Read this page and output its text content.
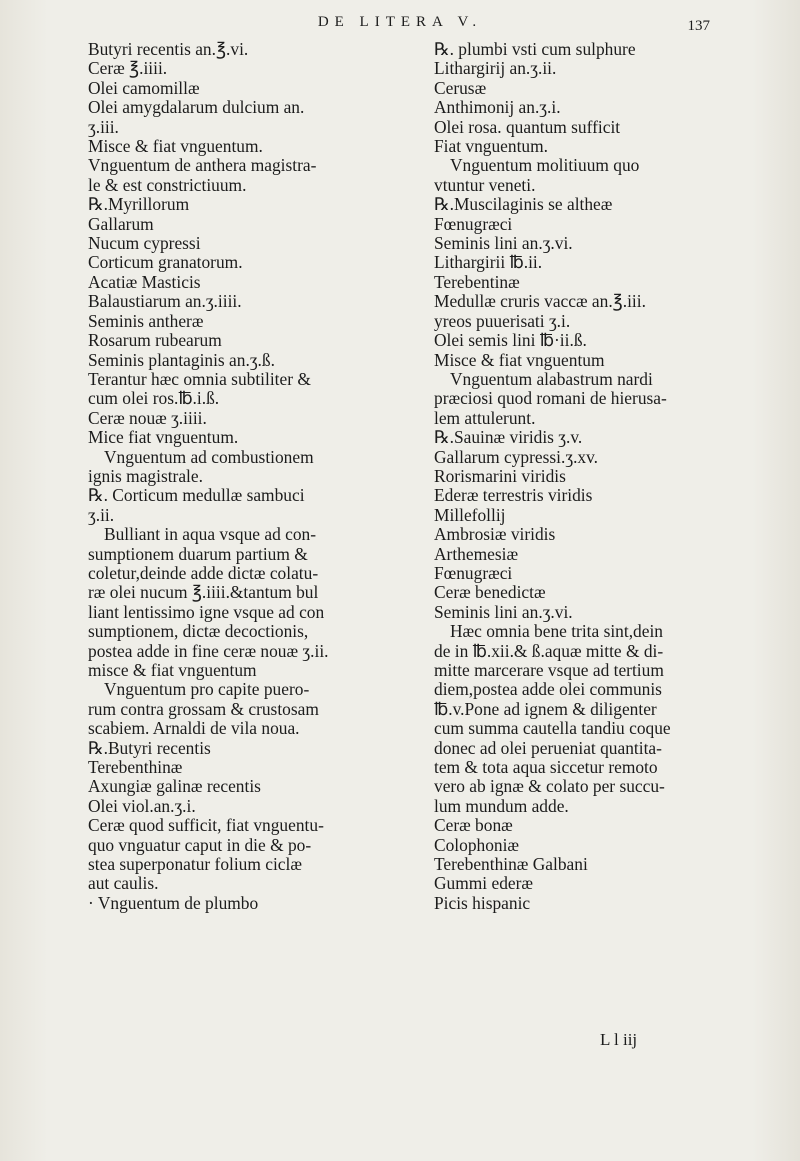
DE LITERA V.	137
Butyri recentis an.℥.vi.
Ceræ ℥.iiii.
Olei camomillæ
Olei amygdalarum dulcium an.
ʒ.iii.
Misce & fiat vnguentum.
Vnguentum de anthera magistra-
le & est constrictiuum.
℞.Myrillorum
Gallarum
Nucum cypressi
Corticum granatorum.
Acatiæ Masticis
Balaustiarum an.ʒ.iiii.
Seminis antheræ
Rosarum rubearum
Seminis plantaginis an.ʒ.ß.
Terantur hæc omnia subtiliter &
cum olei ros.℔.i.ß.
Ceræ nouæ ʒ.iiii.
Mice fiat vnguentum.
Vnguentum ad combustionem
ignis magistrale.
℞. Corticum medullæ sambuci
ʒ.ii.
Bulliant in aqua vsque ad con-
sumptionem duarum partium &
coletur,deinde adde dictæ colatu-
ræ olei nucum ℥.iiii.&tantum bul
liant lentissimo igne vsque ad con
sumptionem, dictæ decoctionis,
postea adde in fine ceræ nouæ ʒ.ii.
misce & fiat vnguentum
Vnguentum pro capite puero-
rum contra grossam & crustosam
scabiem. Arnaldi de vila noua.
℞.Butyri recentis
Terebenthinæ
Axungiæ galinæ recentis
Olei viol.an.ʒ.i.
Ceræ quod sufficit, fiat vnguentu-
quo vnguatur caput in die & po-
stea superponatur folium ciclæ
aut caulis.
· Vnguentum de plumbo
℞. plumbi vsti cum sulphure
Lithargirij an.ʒ.ii.
Cerusæ
Anthimonij an.ʒ.i.
Olei rosa. quantum sufficit
Fiat vnguentum.
Vnguentum molitiuum quo
vtuntur veneti.
℞.Muscilaginis se altheæ
Fœnugræci
Seminis lini an.ʒ.vi.
Lithargirii ℔.ii.
Terebentinæ
Medullæ cruris vaccæ an.℥.iii.
yreos puuerisati ʒ.i.
Olei semis lini ℔·ii.ß.
Misce & fiat vnguentum
Vnguentum alabastrum nardi
præciosi quod romani de hierusa-
lem attulerunt.
℞.Sauinæ viridis ʒ.v.
Gallarum cypressi.ʒ.xv.
Rorismarini viridis
Ederæ terrestris viridis
Millefollij
Ambrosiæ viridis
Arthemesiæ
Fœnugræci
Ceræ benedictæ
Seminis lini an.ʒ.vi.
Hæc omnia bene trita sint,dein
de in ℔.xii.& ß.aquæ mitte & di-
mitte marcerare vsque ad tertium
diem,postea adde olei communis
℔.v.Pone ad ignem & diligenter
cum summa cautella tandiu coque
donec ad olei perueniat quantita-
tem & tota aqua siccetur remoto
vero ab ignæ & colato per succu-
lum mundum adde.
Ceræ bonæ
Colophoniæ
Terebenthinæ Galbani
Gummi ederæ
Picis hispanic
L l iij
